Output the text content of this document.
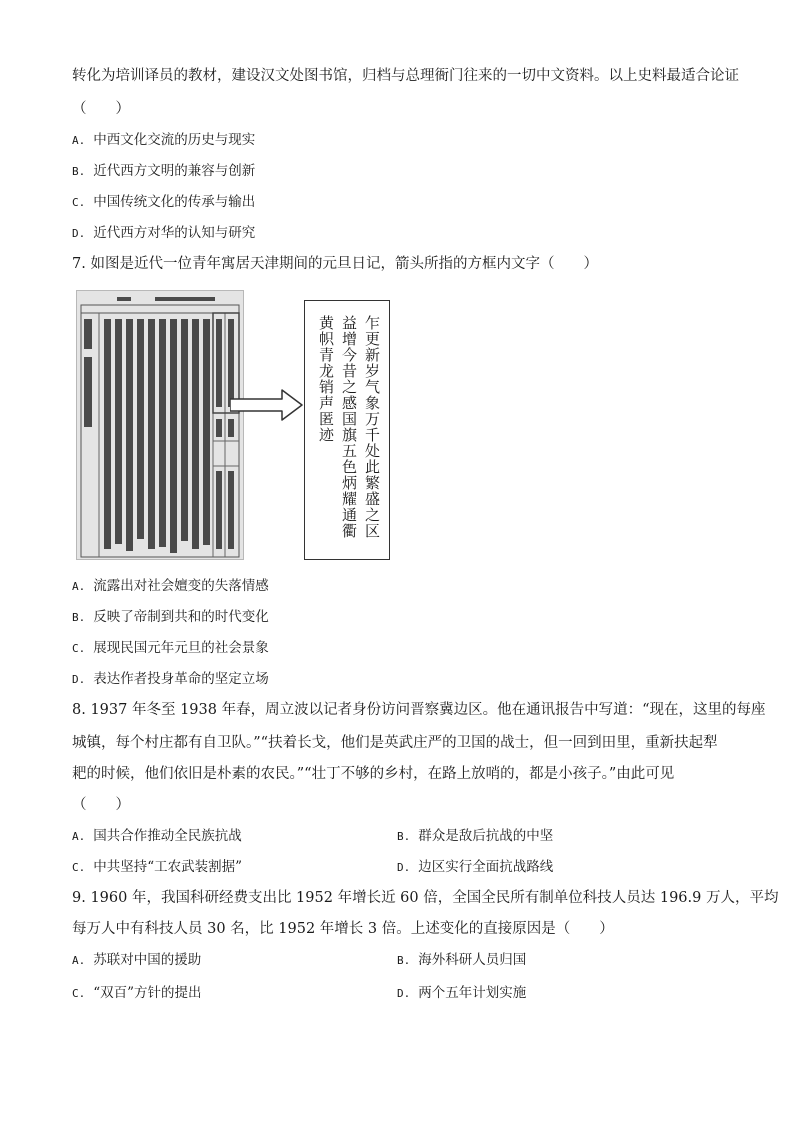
转化为培训译员的教材，建设汉文处图书馆，归档与总理衙门往来的一切中文资料。以上史料最适合论证
（　　）
A. 中西文化交流的历史与现实
B. 近代西方文明的兼容与创新
C. 中国传统文化的传承与输出
D. 近代西方对华的认知与研究
7. 如图是近代一位青年寓居天津期间的元旦日记，箭头所指的方框内文字（　　）
乍更新岁气象万千处此繁盛之区
益增今昔之感国旗五色炳耀通衢
黄帜青龙销声匿迹
A. 流露出对社会嬗变的失落情感
B. 反映了帝制到共和的时代变化
C. 展现民国元年元旦的社会景象
D. 表达作者投身革命的坚定立场
8. 1937 年冬至 1938 年春，周立波以记者身份访问晋察冀边区。他在通讯报告中写道：“现在，这里的每座
城镇，每个村庄都有自卫队。”“扶着长戈，他们是英武庄严的卫国的战士，但一回到田里，重新扶起犁
耙的时候，他们依旧是朴素的农民。”“壮丁不够的乡村，在路上放哨的，都是小孩子。”由此可见
（　　）
A. 国共合作推动全民族抗战	B. 群众是敌后抗战的中坚
C. 中共坚持“工农武装割据”	D. 边区实行全面抗战路线
9. 1960 年，我国科研经费支出比 1952 年增长近 60 倍，全国全民所有制单位科技人员达 196.9 万人，平均
每万人中有科技人员 30 名，比 1952 年增长 3 倍。上述变化的直接原因是（　　）
A. 苏联对中国的援助	B. 海外科研人员归国
C. “双百”方针的提出	D. 两个五年计划实施
